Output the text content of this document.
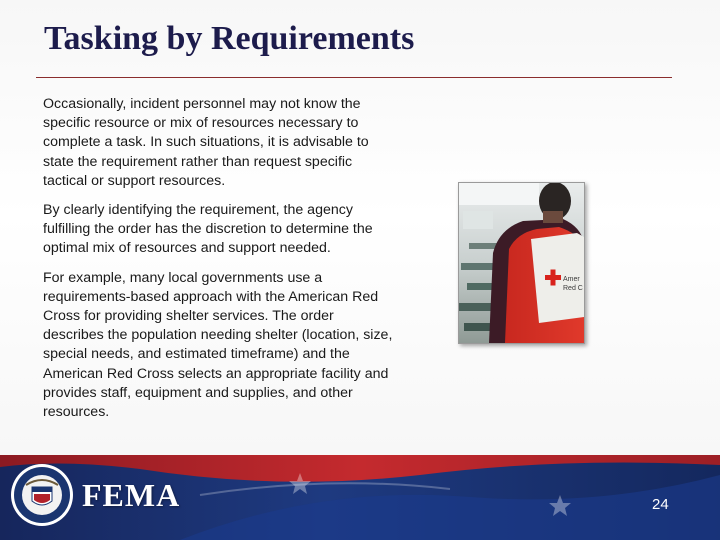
Tasking by Requirements

Occasionally, incident personnel may not know the specific resource or mix of resources necessary to complete a task. In such situations, it is advisable to state the requirement rather than request specific tactical or support resources.

By clearly identifying the requirement, the agency fulfilling the order has the discretion to determine the optimal mix of resources and support needed.

For example, many local governments use a requirements-based approach with the American Red Cross for providing shelter services. The order describes the population needing shelter (location, size, special needs, and estimated timeframe) and the American Red Cross selects an appropriate facility and provides staff, equipment and supplies, and other resources.

Amer
Red C
FEMA	24
